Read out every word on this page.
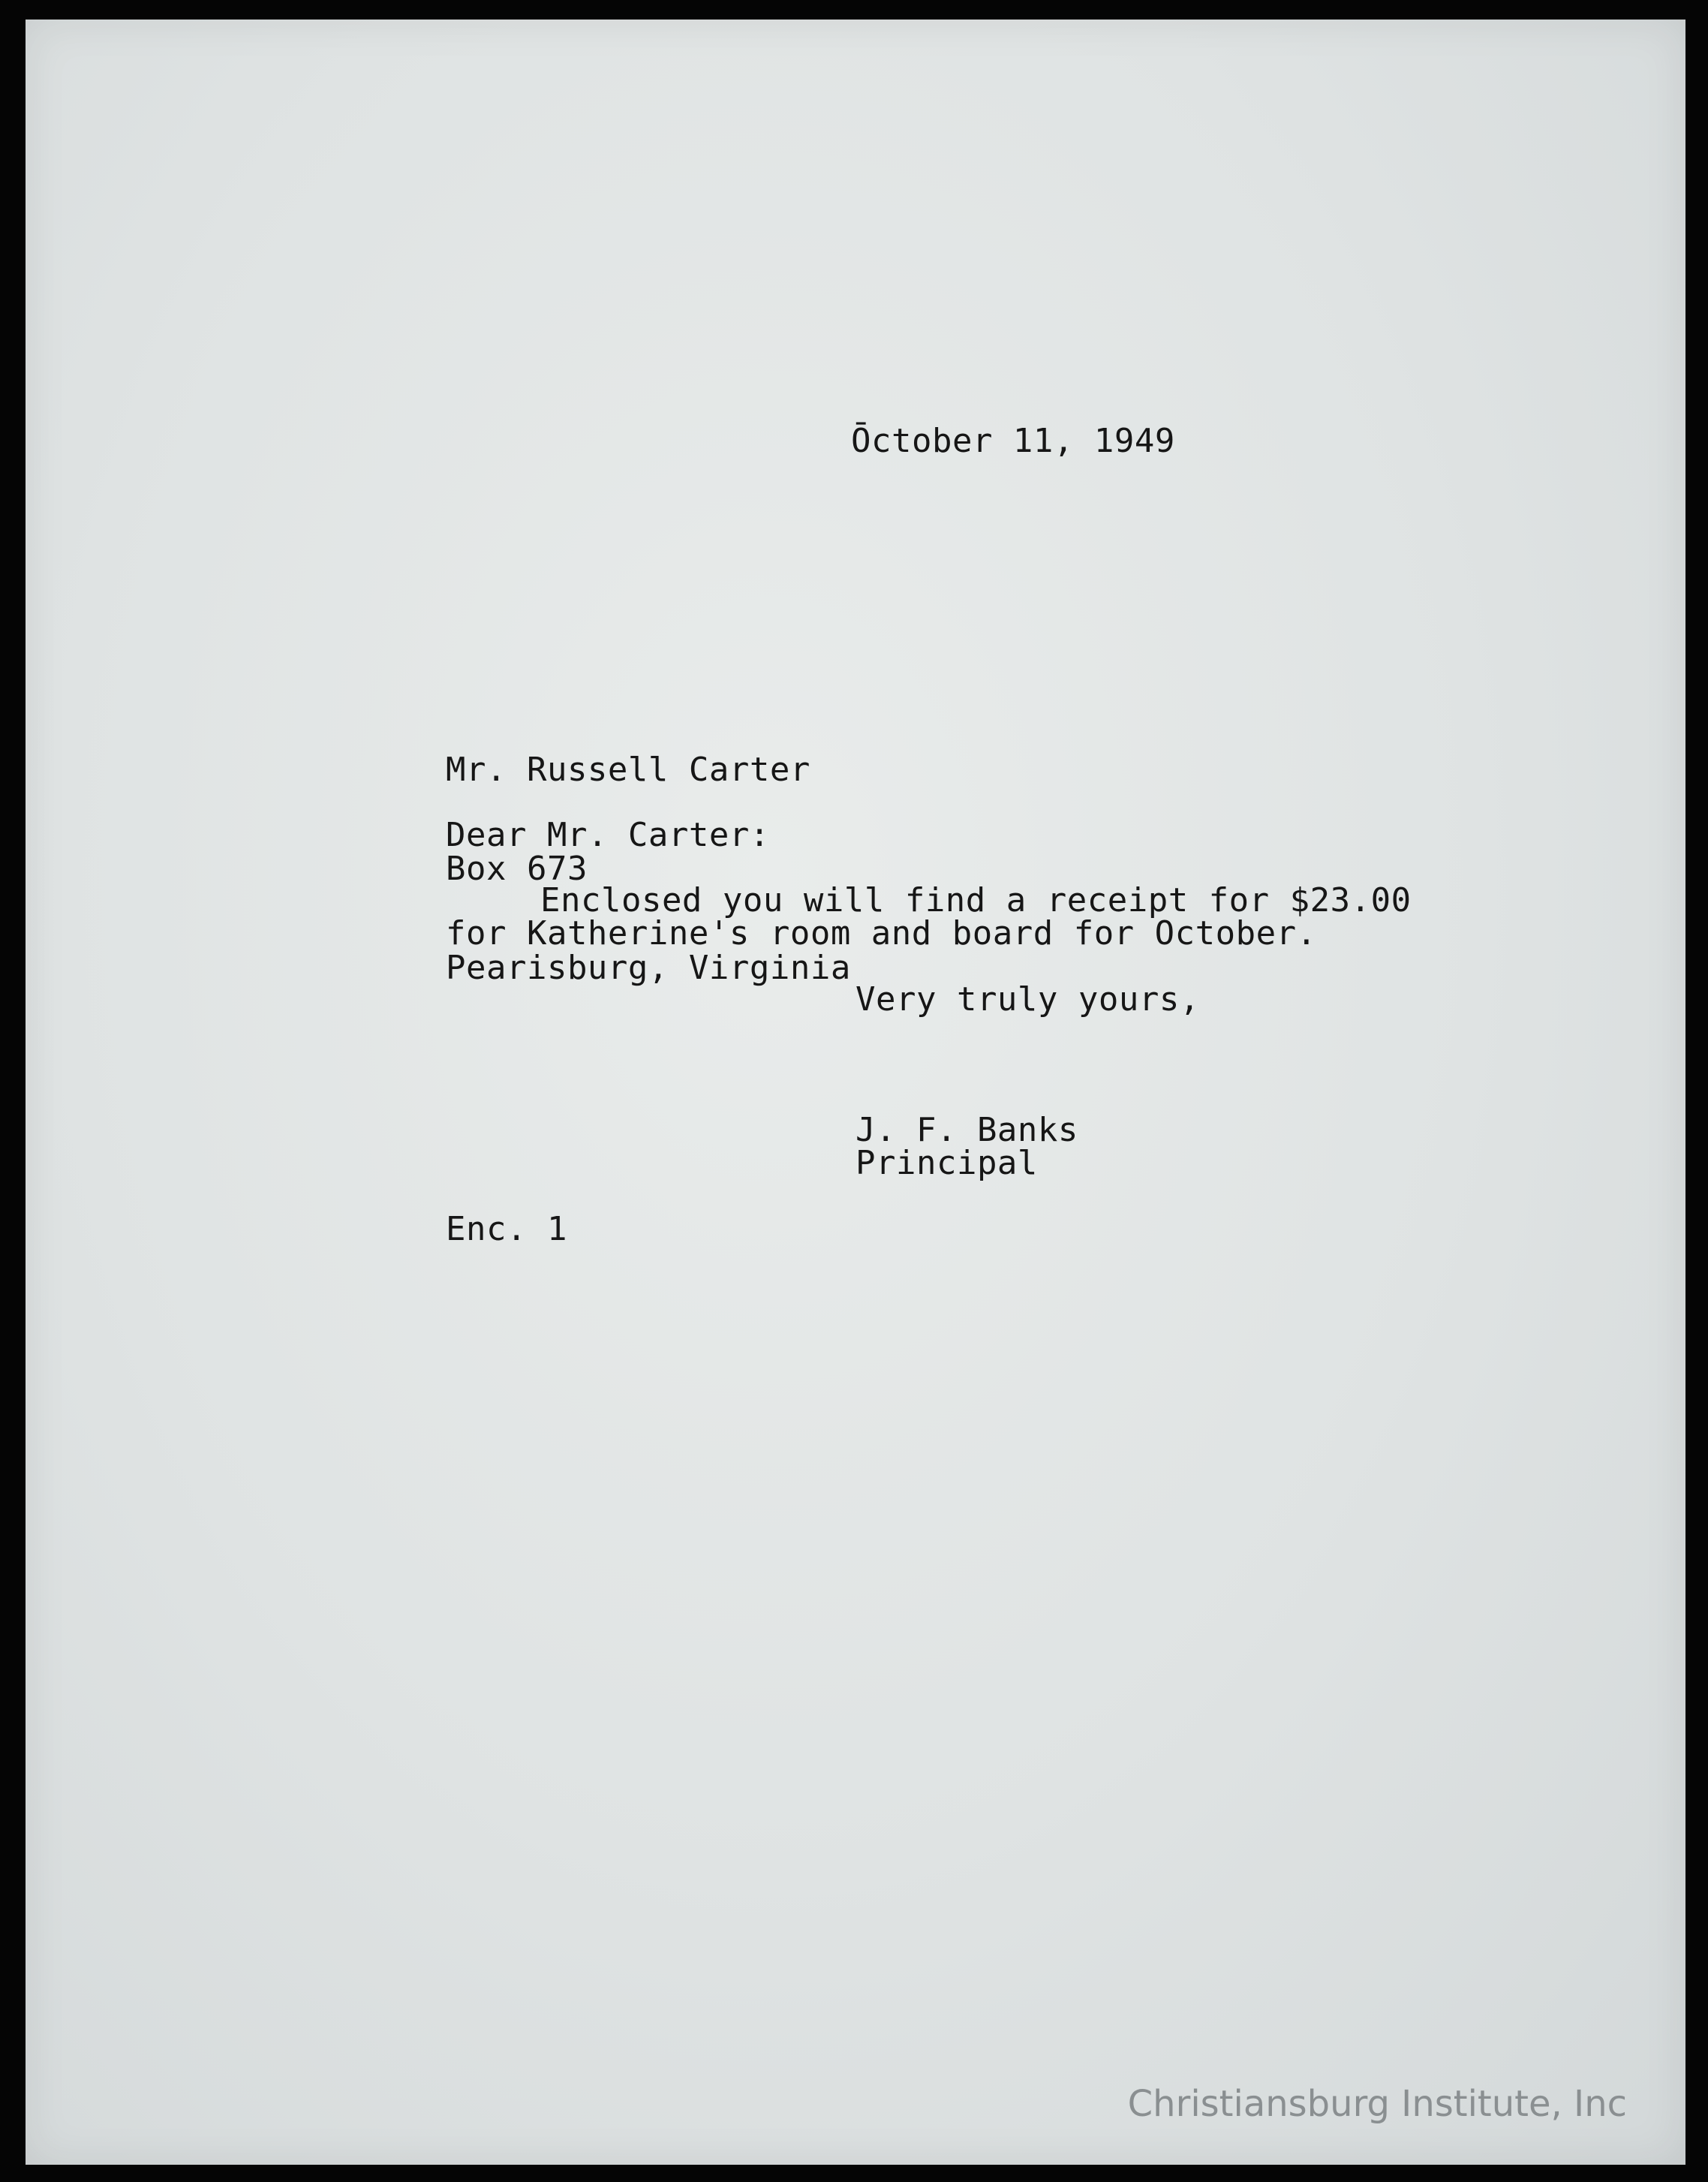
Ōctober 11, 1949

Mr. Russell Carter

Box 673

Pearisburg, Virginia

Dear Mr. Carter:
Enclosed you will find a receipt for $23.00
for Katherine's room and board for October.
Very truly yours,
J. F. Banks
Principal
Enc. 1
Christiansburg Institute, Inc
